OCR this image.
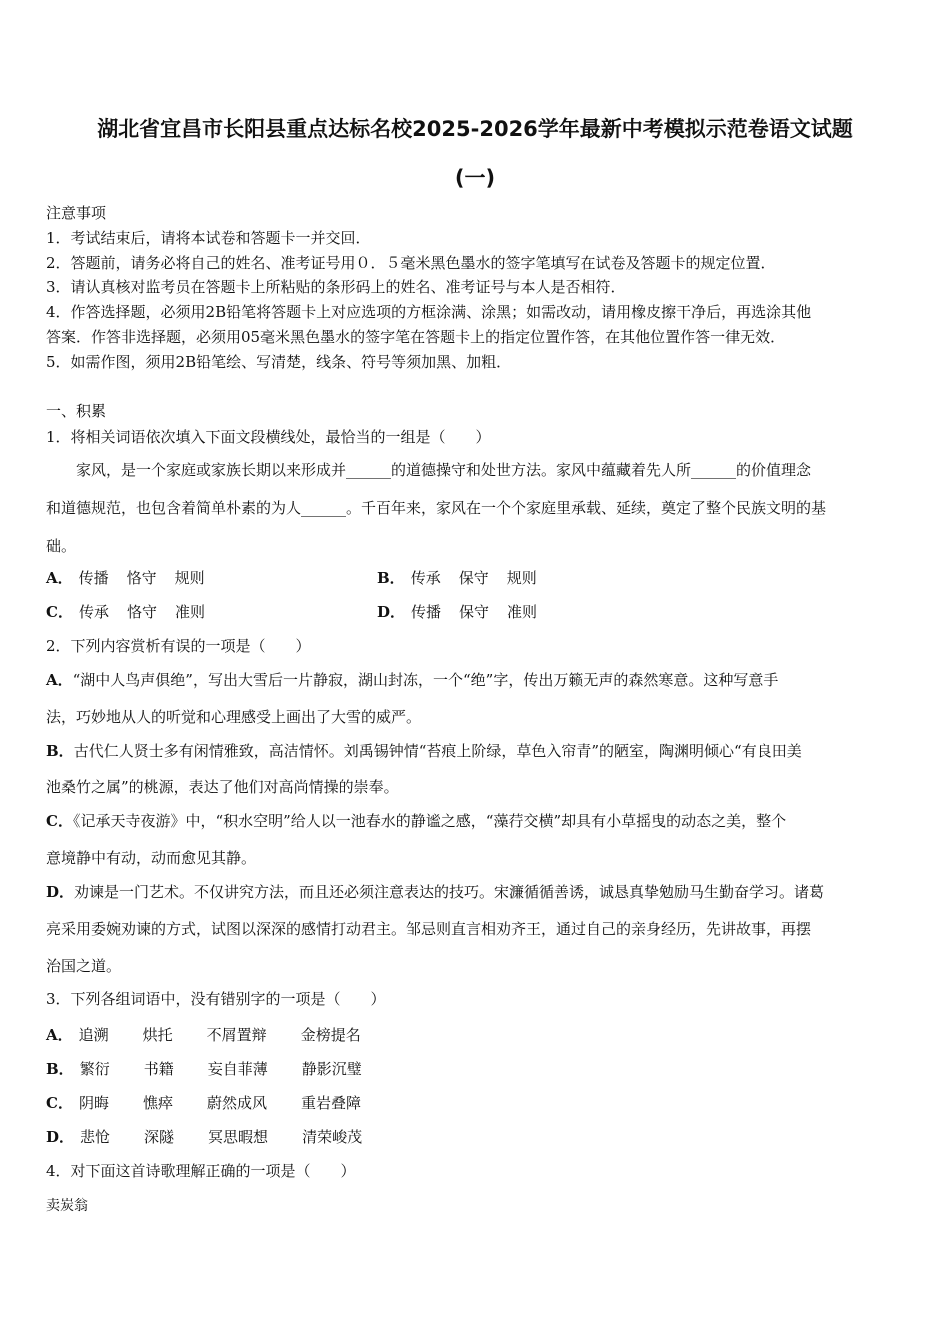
湖北省宜昌市长阳县重点达标名校2025-2026学年最新中考模拟示范卷语文试题
(一)
注意事项
1．考试结束后，请将本试卷和答题卡一并交回．
2．答题前，请务必将自己的姓名、准考证号用０．５毫米黑色墨水的签字笔填写在试卷及答题卡的规定位置．
3．请认真核对监考员在答题卡上所粘贴的条形码上的姓名、准考证号与本人是否相符．
4．作答选择题，必须用2B铅笔将答题卡上对应选项的方框涂满、涂黑；如需改动，请用橡皮擦干净后，再选涂其他
答案．作答非选择题，必须用05毫米黑色墨水的签字笔在答题卡上的指定位置作答，在其他位置作答一律无效．
5．如需作图，须用2B铅笔绘、写清楚，线条、符号等须加黑、加粗．
一、积累
1．将相关词语依次填入下面文段横线处，最恰当的一组是（　　）
　　家风，是一个家庭或家族长期以来形成并______的道德操守和处世方法。家风中蕴藏着先人所______的价值理念
和道德规范，也包含着简单朴素的为人______。千百年来，家风在一个个家庭里承载、延续，奠定了整个民族文明的基
础。
A． 传播 恪守 规则	B． 传承 保守 规则
C． 传承 恪守 准则	D． 传播 保守 准则
2．下列内容赏析有误的一项是（　　）
A．“湖中人鸟声俱绝”，写出大雪后一片静寂，湖山封冻，一个“绝”字，传出万籁无声的森然寒意。这种写意手
法，巧妙地从人的听觉和心理感受上画出了大雪的威严。
B．古代仁人贤士多有闲情雅致，高洁情怀。刘禹锡钟情“苔痕上阶绿，草色入帘青”的陋室，陶渊明倾心“有良田美
池桑竹之属”的桃源，表达了他们对高尚情操的崇奉。
C．《记承天寺夜游》中，“积水空明”给人以一池春水的静谧之感，“藻荇交横”却具有小草摇曳的动态之美，整个
意境静中有动，动而愈见其静。
D．劝谏是一门艺术。不仅讲究方法，而且还必须注意表达的技巧。宋濂循循善诱，诚恳真挚勉励马生勤奋学习。诸葛
亮采用委婉劝谏的方式，试图以深深的感情打动君主。邹忌则直言相劝齐王，通过自己的亲身经历，先讲故事，再摆
治国之道。
3．下列各组词语中，没有错别字的一项是（　　）
A． 追溯 烘托 不屑置辩 金榜提名
B． 繁衍 书籍 妄自菲薄 静影沉璧
C． 阴晦 憔瘁 蔚然成风 重岩叠障
D． 悲怆 深隧 冥思暇想 清荣峻茂
4．对下面这首诗歌理解正确的一项是（　　）
卖炭翁
